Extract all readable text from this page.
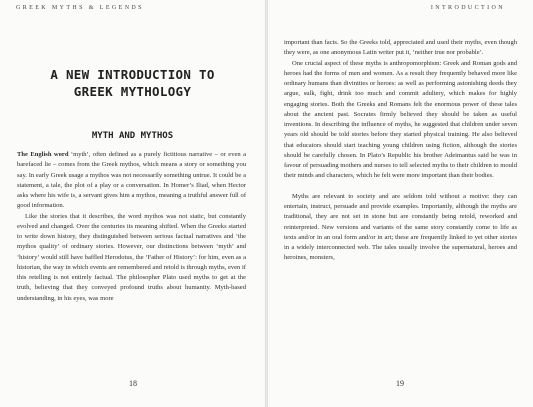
GREEK MYTHS & LEGENDS
A NEW INTRODUCTION TO
GREEK MYTHOLOGY
MYTH AND MYTHOS

The English word ‘myth’, often defined as a purely fictitious narrative – or even a barefaced lie – comes from the Greek mythos, which means a story or something you say. In early Greek usage a mythos was not necessarily something untrue. It could be a statement, a tale, the plot of a play or a conversation. In Homer’s Iliad, when Hector asks where his wife is, a servant gives him a mythos, meaning a truthful answer full of good information.

Like the stories that it describes, the word mythos was not static, but constantly evolved and changed. Over the centuries its meaning shifted. When the Greeks started to write down history, they distinguished between serious factual narratives and ‘the mythos quality’ of ordinary stories. However, our distinctions between ‘myth’ and ‘history’ would still have baffled Herodotus, the ‘Father of History’: for him, even as a historian, the way in which events are remembered and retold is through myths, even if this retelling is not entirely factual. The philosopher Plato used myths to get at the truth, believing that they conveyed profound truths about humanity. Myth-based understanding, in his eyes, was more

18
INTRODUCTION

important than facts. So the Greeks told, appreciated and used their myths, even though they were, as one anonymous Latin writer put it, ‘neither true nor probable’.

One crucial aspect of these myths is anthropomorphism: Greek and Roman gods and heroes had the forms of men and women. As a result they frequently behaved more like ordinary humans than divinities or heroes: as well as performing astonishing deeds they argue, sulk, fight, drink too much and commit adultery, which makes for highly engaging stories. Both the Greeks and Romans felt the enormous power of these tales about the ancient past. Socrates firmly believed they should be taken as useful inventions. In describing the influence of myths, he suggested that children under seven years old should be told stories before they started physical training. He also believed that educators should start teaching young children using fiction, although the stories should be carefully chosen. In Plato’s Republic his brother Adeimantus said he was in favour of persuading mothers and nurses to tell selected myths to their children to mould their minds and characters, which he felt were more important than their bodies.

Myths are relevant to society and are seldom told without a motive: they can entertain, instruct, persuade and provide examples. Importantly, although the myths are traditional, they are not set in stone but are constantly being retold, reworked and reinterpreted. New versions and variants of the same story constantly come to life as texts and/or in an oral form and/or in art; these are frequently linked to yet other stories in a widely interconnected web. The tales usually involve the supernatural, heroes and heroines, monsters,

19
